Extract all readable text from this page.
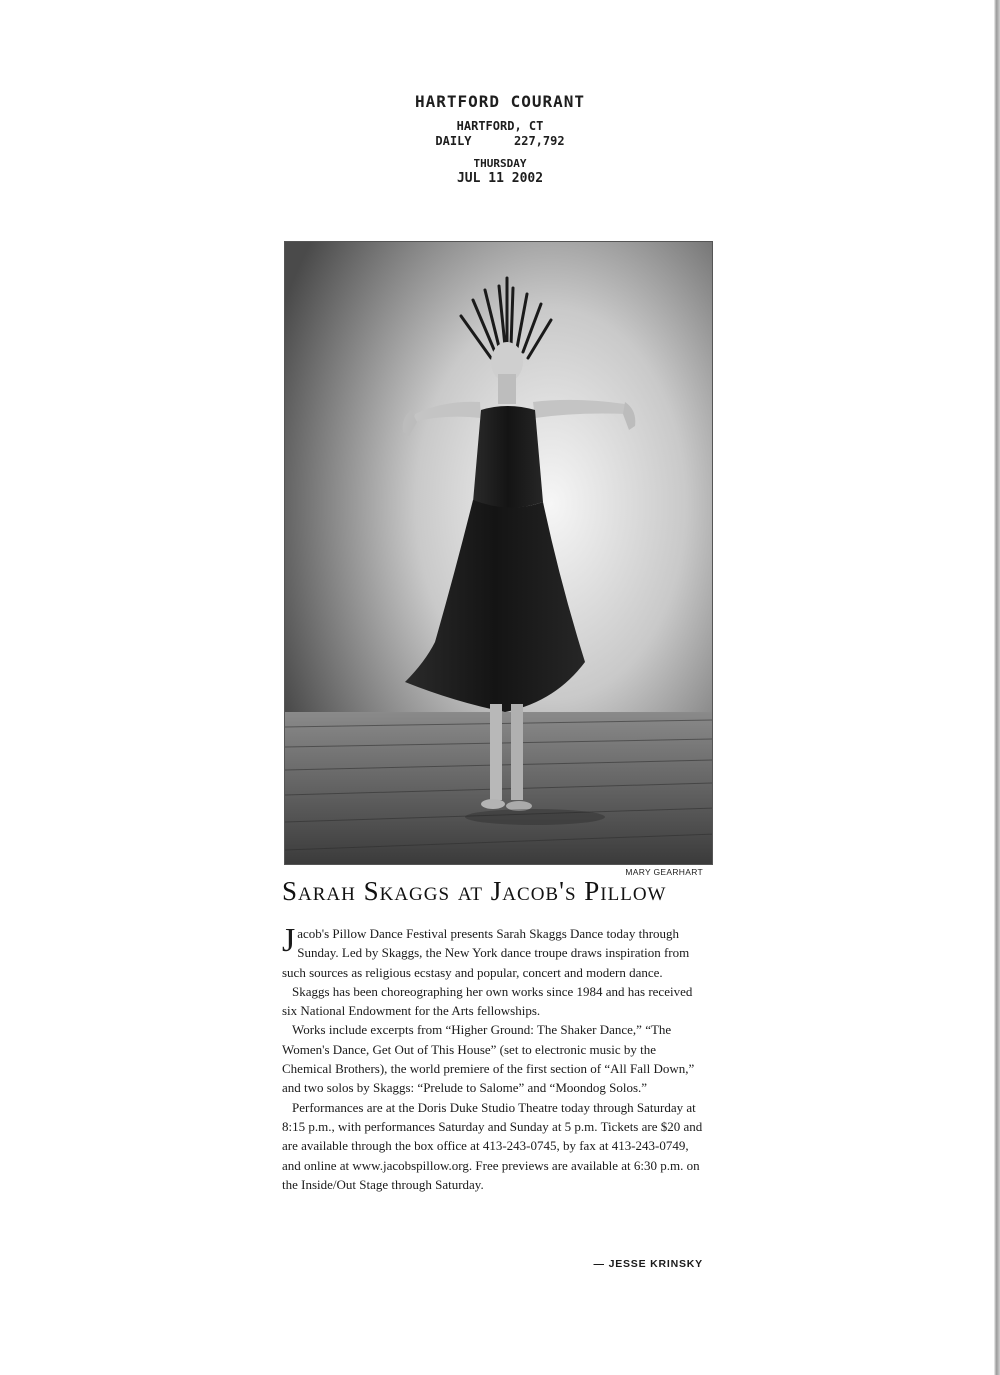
HARTFORD COURANT
HARTFORD, CT
DAILY	227,792
THURSDAY
JUL 11 2002
MARY GEARHART
Sarah Skaggs at Jacob's Pillow

Jacob's Pillow Dance Festival presents Sarah Skaggs Dance today through Sunday. Led by Skaggs, the New York dance troupe draws inspiration from such sources as religious ecstasy and popular, concert and modern dance.

Skaggs has been choreographing her own works since 1984 and has received six National Endowment for the Arts fellowships.

Works include excerpts from “Higher Ground: The Shaker Dance,” “The Women's Dance, Get Out of This House” (set to electronic music by the Chemical Brothers), the world premiere of the first section of “All Fall Down,” and two solos by Skaggs: “Prelude to Salome” and “Moondog Solos.”

Performances are at the Doris Duke Studio Theatre today through Saturday at 8:15 p.m., with performances Saturday and Sunday at 5 p.m. Tickets are $20 and are available through the box office at 413-243-0745, by fax at 413-243-0749, and online at www.jacobspillow.org. Free previews are available at 6:30 p.m. on the Inside/Out Stage through Saturday.

— JESSE KRINSKY
